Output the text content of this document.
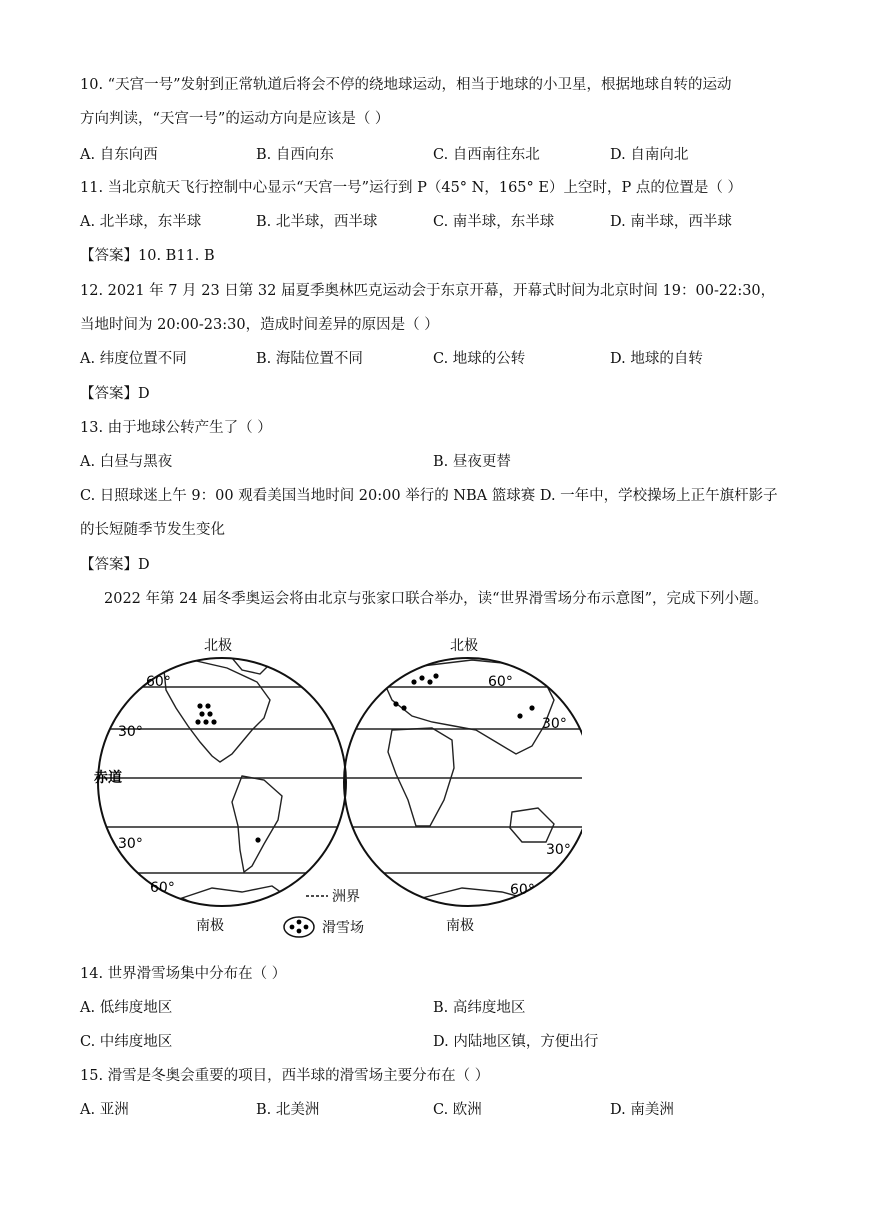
10. “天宫一号”发射到正常轨道后将会不停的绕地球运动，相当于地球的小卫星，根据地球自转的运动
方向判读，“天宫一号”的运动方向是应该是（ ）
A. 自东向西	B. 自西向东	C. 自西南往东北	D. 自南向北
11. 当北京航天飞行控制中心显示“天宫一号”运行到 P（45° N，165° E）上空时，P 点的位置是（ ）
A. 北半球，东半球	B. 北半球，西半球	C. 南半球，东半球	D. 南半球，西半球
【答案】10. B11. B
12. 2021 年 7 月 23 日第 32 届夏季奥林匹克运动会于东京开幕，开幕式时间为北京时间 19：00-22:30，
当地时间为 20:00-23:30，造成时间差异的原因是（ ）
A. 纬度位置不同	B. 海陆位置不同	C. 地球的公转	D. 地球的自转
【答案】D
13. 由于地球公转产生了（ ）
A. 白昼与黑夜	B. 昼夜更替
C. 日照球迷上午 9：00 观看美国当地时间 20:00 举行的 NBA 篮球赛 D. 一年中，学校操场上正午旗杆影子
的长短随季节发生变化
【答案】D
2022 年第 24 届冬季奥运会将由北京与张家口联合举办，读“世界滑雪场分布示意图”，完成下列小题。
北极
60°
30°
赤道
30°
60°
南极
北极
60°
30°
30°
60°
南极
洲界
滑雪场
14. 世界滑雪场集中分布在（ ）
A. 低纬度地区	B. 高纬度地区
C. 中纬度地区	D. 内陆地区镇，方便出行
15. 滑雪是冬奥会重要的项目，西半球的滑雪场主要分布在（ ）
A. 亚洲	B. 北美洲	C. 欧洲	D. 南美洲
